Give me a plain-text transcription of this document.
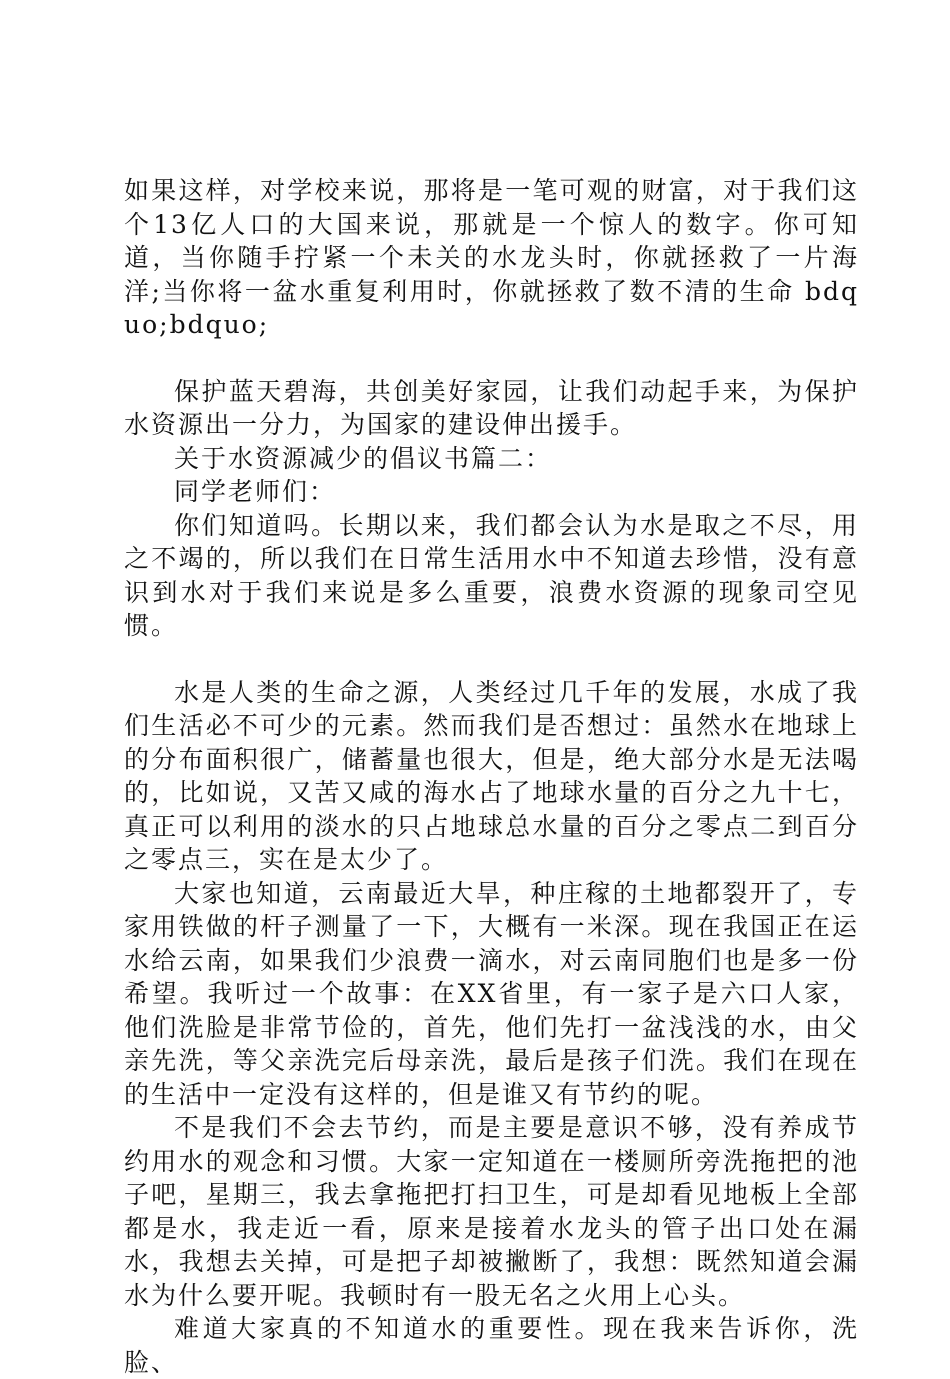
如果这样，对学校来说，那将是一笔可观的财富，对于我们这个13亿人口的大国来说，那就是一个惊人的数字。你可知道，当你随手拧紧一个未关的水龙头时，你就拯救了一片海洋;当你将一盆水重复利用时，你就拯救了数不清的生命 bdquo;bdquo;

保护蓝天碧海，共创美好家园，让我们动起手来，为保护水资源出一分力，为国家的建设伸出援手。

关于水资源减少的倡议书篇二：

同学老师们：

你们知道吗。长期以来，我们都会认为水是取之不尽，用之不竭的，所以我们在日常生活用水中不知道去珍惜，没有意识到水对于我们来说是多么重要，浪费水资源的现象司空见惯。

水是人类的生命之源，人类经过几千年的发展，水成了我们生活必不可少的元素。然而我们是否想过：虽然水在地球上的分布面积很广，储蓄量也很大，但是，绝大部分水是无法喝的，比如说，又苦又咸的海水占了地球水量的百分之九十七，真正可以利用的淡水的只占地球总水量的百分之零点二到百分之零点三，实在是太少了。

大家也知道，云南最近大旱，种庄稼的土地都裂开了，专家用铁做的杆子测量了一下，大概有一米深。现在我国正在运水给云南，如果我们少浪费一滴水，对云南同胞们也是多一份希望。我听过一个故事：在XX省里，有一家子是六口人家，他们洗脸是非常节俭的，首先，他们先打一盆浅浅的水，由父亲先洗，等父亲洗完后母亲洗，最后是孩子们洗。我们在现在的生活中一定没有这样的，但是谁又有节约的呢。

不是我们不会去节约，而是主要是意识不够，没有养成节约用水的观念和习惯。大家一定知道在一楼厕所旁洗拖把的池子吧，星期三，我去拿拖把打扫卫生，可是却看见地板上全部都是水，我走近一看，原来是接着水龙头的管子出口处在漏水，我想去关掉，可是把子却被撇断了，我想：既然知道会漏水为什么要开呢。我顿时有一股无名之火用上心头。

难道大家真的不知道水的重要性。现在我来告诉你，洗脸、
